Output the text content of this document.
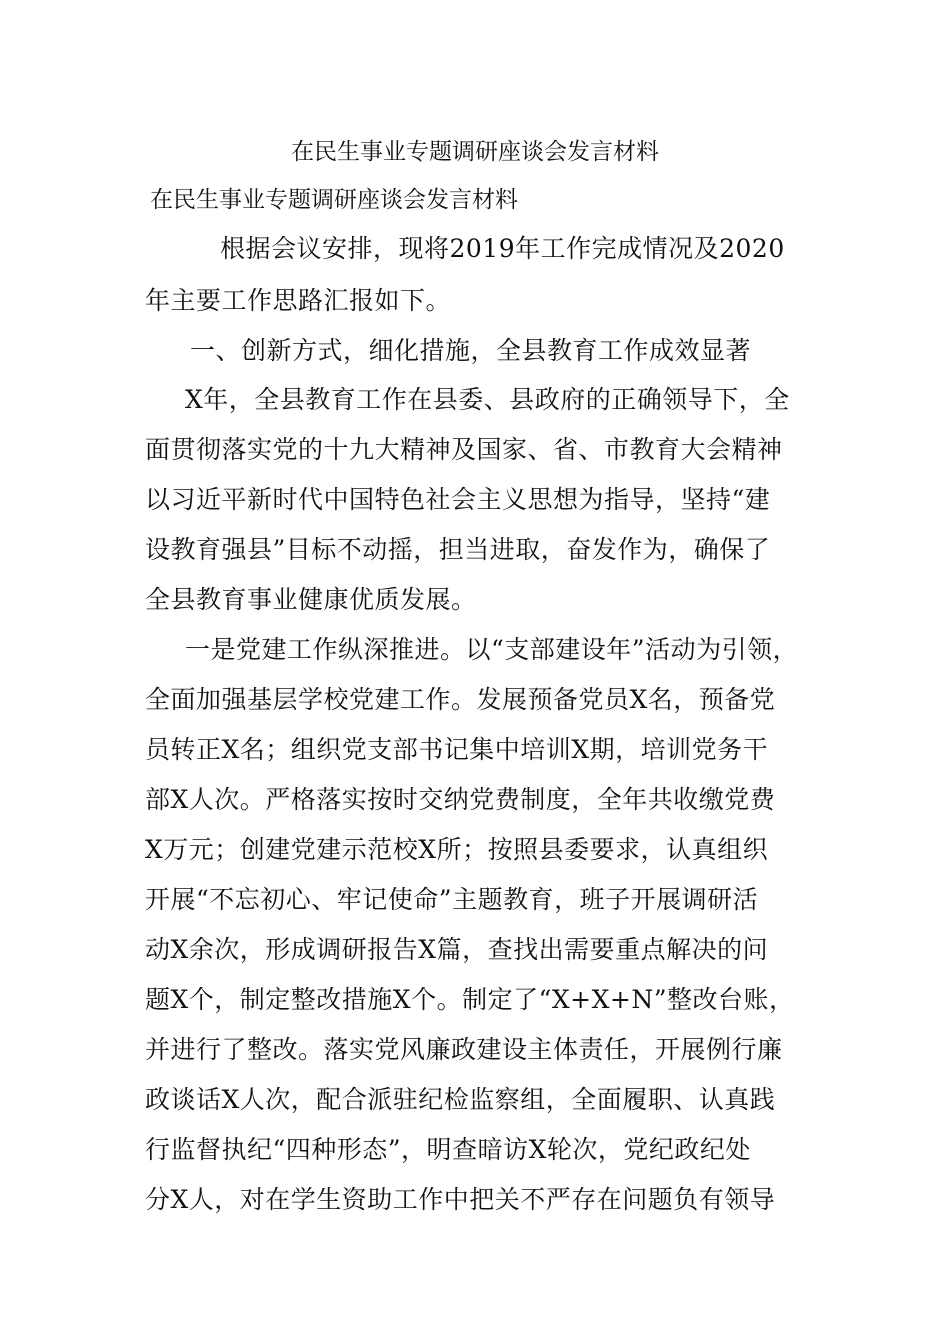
在民生事业专题调研座谈会发言材料
在民生事业专题调研座谈会发言材料
根据会议安排，现将2019年工作完成情况及2020
年主要工作思路汇报如下。
一、创新方式，细化措施，全县教育工作成效显著
X年，全县教育工作在县委、县政府的正确领导下，全
面贯彻落实党的十九大精神及国家、省、市教育大会精神
以习近平新时代中国特色社会主义思想为指导，坚持“建
设教育强县”目标不动摇，担当进取，奋发作为，确保了
全县教育事业健康优质发展。
一是党建工作纵深推进。以“支部建设年”活动为引领，
全面加强基层学校党建工作。发展预备党员X名，预备党
员转正X名；组织党支部书记集中培训X期，培训党务干
部X人次。严格落实按时交纳党费制度，全年共收缴党费
X万元；创建党建示范校X所；按照县委要求，认真组织
开展“不忘初心、牢记使命”主题教育，班子开展调研活
动X余次，形成调研报告X篇，查找出需要重点解决的问
题X个，制定整改措施X个。制定了“X+X+N”整改台账，
并进行了整改。落实党风廉政建设主体责任，开展例行廉
政谈话X人次，配合派驻纪检监察组，全面履职、认真践
行监督执纪“四种形态”，明查暗访X轮次，党纪政纪处
分X人，对在学生资助工作中把关不严存在问题负有领导
